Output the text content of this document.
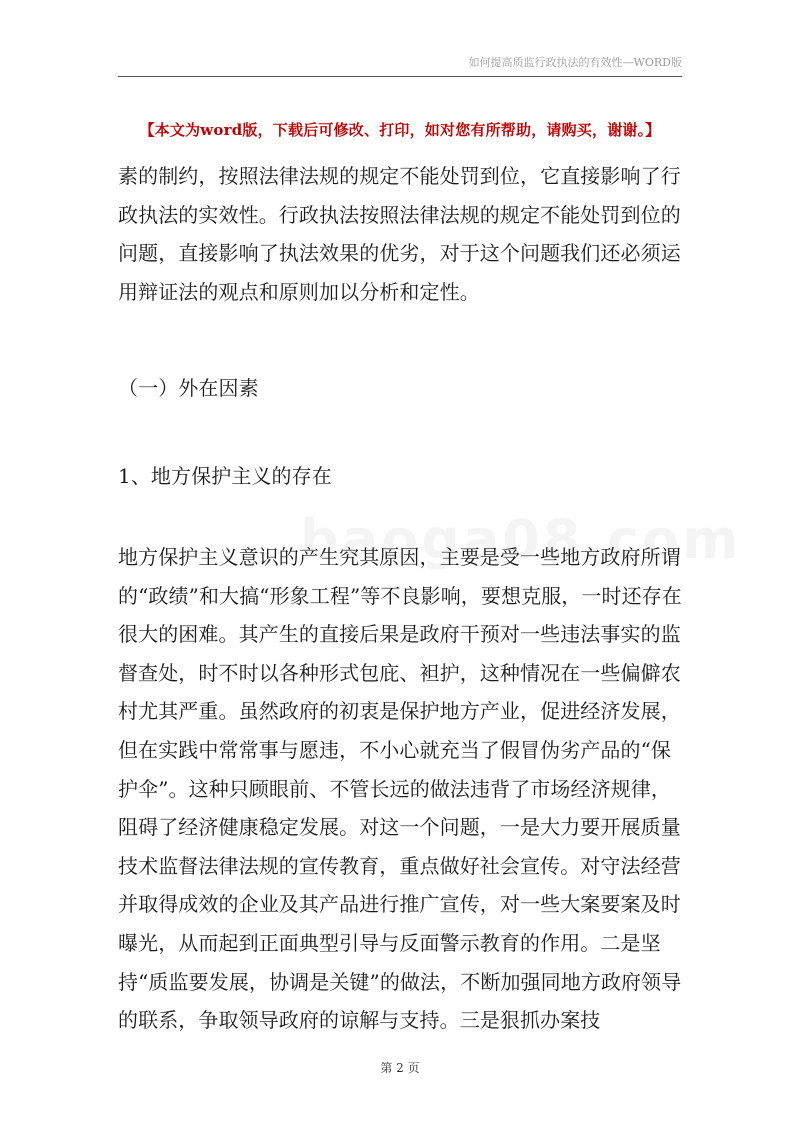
如何提高质监行政执法的有效性—WORD版
【本文为word版，下载后可修改、打印，如对您有所帮助，请购买，谢谢。】

素的制约，按照法律法规的规定不能处罚到位，它直接影响了行政执法的实效性。行政执法按照法律法规的规定不能处罚到位的问题，直接影响了执法效果的优劣，对于这个问题我们还必须运用辩证法的观点和原则加以分析和定性。

（一）外在因素
1、地方保护主义的存在

地方保护主义意识的产生究其原因，主要是受一些地方政府所谓的“政绩”和大搞“形象工程”等不良影响，要想克服，一时还存在很大的困难。其产生的直接后果是政府干预对一些违法事实的监督查处，时不时以各种形式包庇、袒护，这种情况在一些偏僻农村尤其严重。虽然政府的初衷是保护地方产业，促进经济发展，但在实践中常常事与愿违，不小心就充当了假冒伪劣产品的“保护伞”。这种只顾眼前、不管长远的做法违背了市场经济规律，阻碍了经济健康稳定发展。对这一个问题，一是大力要开展质量技术监督法律法规的宣传教育，重点做好社会宣传。对守法经营并取得成效的企业及其产品进行推广宣传，对一些大案要案及时曝光，从而起到正面典型引导与反面警示教育的作用。二是坚持“质监要发展，协调是关键”的做法，不断加强同地方政府领导的联系，争取领导政府的谅解与支持。三是狠抓办案技

第 2 页
